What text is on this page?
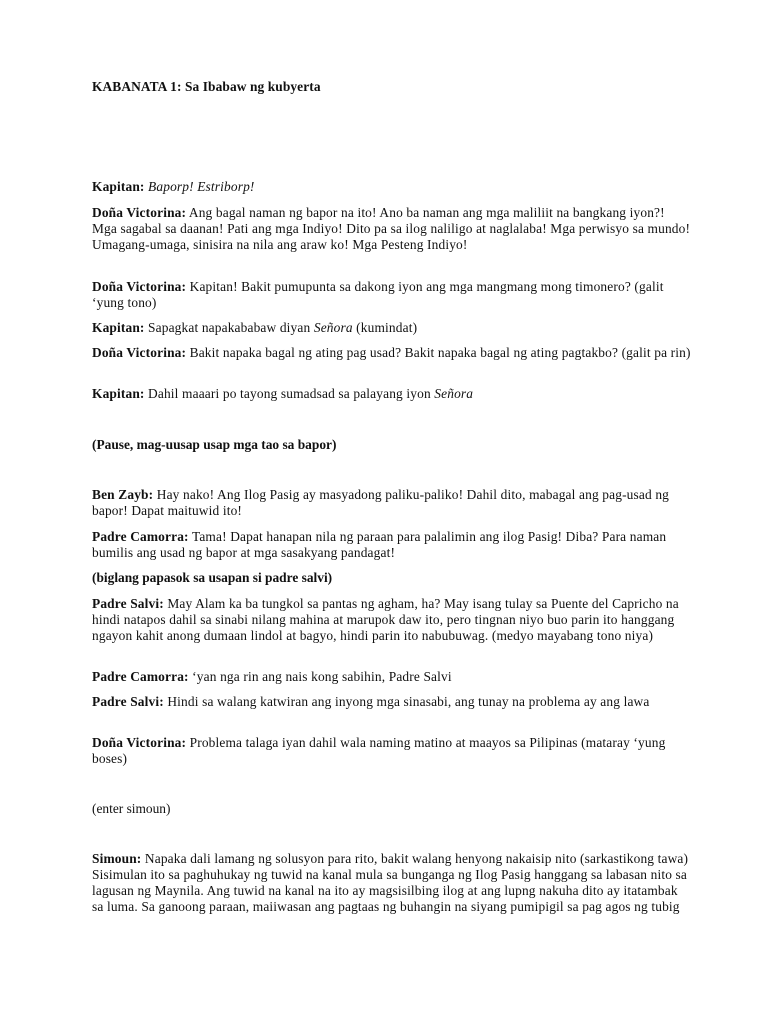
KABANATA 1: Sa Ibabaw ng kubyerta

Kapitan: Baporp! Estriborp!

Doña Victorina: Ang bagal naman ng bapor na ito! Ano ba naman ang mga maliliit na bangkang iyon?! Mga sagabal sa daanan! Pati ang mga Indiyo! Dito pa sa ilog naliligo at naglalaba! Mga perwisyo sa mundo! Umagang-umaga, sinisira na nila ang araw ko! Mga Pesteng Indiyo!

Doña Victorina: Kapitan! Bakit pumupunta sa dakong iyon ang mga mangmang mong timonero? (galit ‘yung tono)

Kapitan: Sapagkat napakababaw diyan Señora (kumindat)

Doña Victorina: Bakit napaka bagal ng ating pag usad? Bakit napaka bagal ng ating pagtakbo? (galit pa rin)

Kapitan: Dahil maaari po tayong sumadsad sa palayang iyon Señora

(Pause, mag-uusap usap mga tao sa bapor)

Ben Zayb: Hay nako! Ang Ilog Pasig ay masyadong paliku-paliko! Dahil dito, mabagal ang pag-usad ng bapor! Dapat maituwid ito!

Padre Camorra: Tama! Dapat hanapan nila ng paraan para palalimin ang ilog Pasig! Diba? Para naman bumilis ang usad ng bapor at mga sasakyang pandagat!

(biglang papasok sa usapan si padre salvi)

Padre Salvi: May Alam ka ba tungkol sa pantas ng agham, ha? May isang tulay sa Puente del Capricho na hindi natapos dahil sa sinabi nilang mahina at marupok daw ito, pero tingnan niyo buo parin ito hanggang ngayon kahit anong dumaan lindol at bagyo, hindi parin ito nabubuwag. (medyo mayabang tono niya)

Padre Camorra: ‘yan nga rin ang nais kong sabihin, Padre Salvi

Padre Salvi: Hindi sa walang katwiran ang inyong mga sinasabi, ang tunay na problema ay ang lawa

Doña Victorina: Problema talaga iyan dahil wala naming matino at maayos sa Pilipinas (mataray ‘yung boses)

(enter simoun)

Simoun: Napaka dali lamang ng solusyon para rito, bakit walang henyong nakaisip nito (sarkastikong tawa) Sisimulan ito sa paghuhukay ng tuwid na kanal mula sa bunganga ng Ilog Pasig hanggang sa labasan nito sa lagusan ng Maynila. Ang tuwid na kanal na ito ay magsisilbing ilog at ang lupng nakuha dito ay itatambak sa luma. Sa ganoong paraan, maiiwasan ang pagtaas ng buhangin na siyang pumipigil sa pag agos ng tubig
